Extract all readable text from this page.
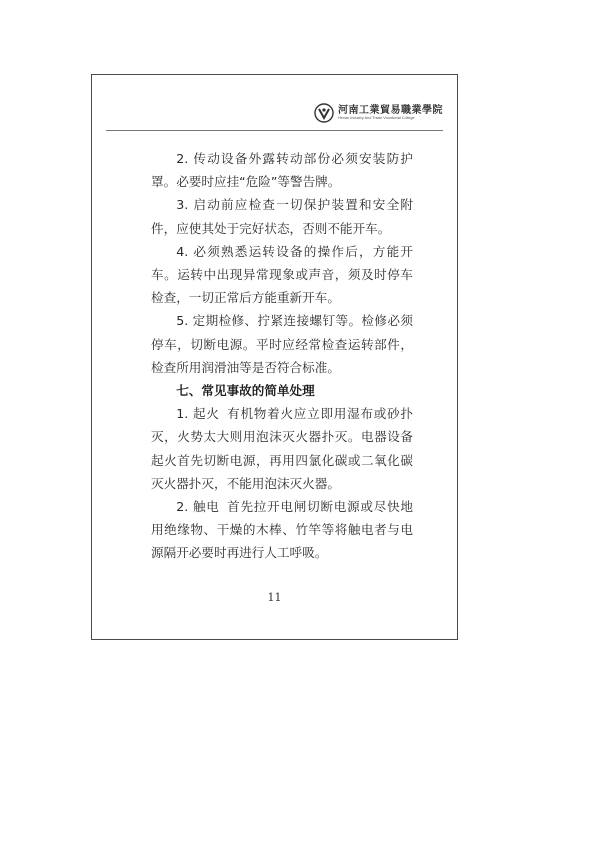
河南工業貿易職業學院
Henan Industry And Trade Vocational College

2. 传动设备外露转动部份必须安装防护罩。必要时应挂“危险”等警告牌。

3. 启动前应检查一切保护装置和安全附件，应使其处于完好状态，否则不能开车。

4. 必须熟悉运转设备的操作后，方能开车。运转中出现异常现象或声音，须及时停车检查，一切正常后方能重新开车。

5. 定期检修、拧紧连接螺钉等。检修必须停车，切断电源。平时应经常检查运转部件，检查所用润滑油等是否符合标准。

七、常见事故的简单处理

1. 起火 有机物着火应立即用湿布或砂扑灭，火势太大则用泡沫灭火器扑灭。电器设备起火首先切断电源，再用四氯化碳或二氧化碳灭火器扑灭，不能用泡沫灭火器。

2. 触电 首先拉开电闸切断电源或尽快地用绝缘物、干燥的木棒、竹竿等将触电者与电源隔开必要时再进行人工呼吸。

11
